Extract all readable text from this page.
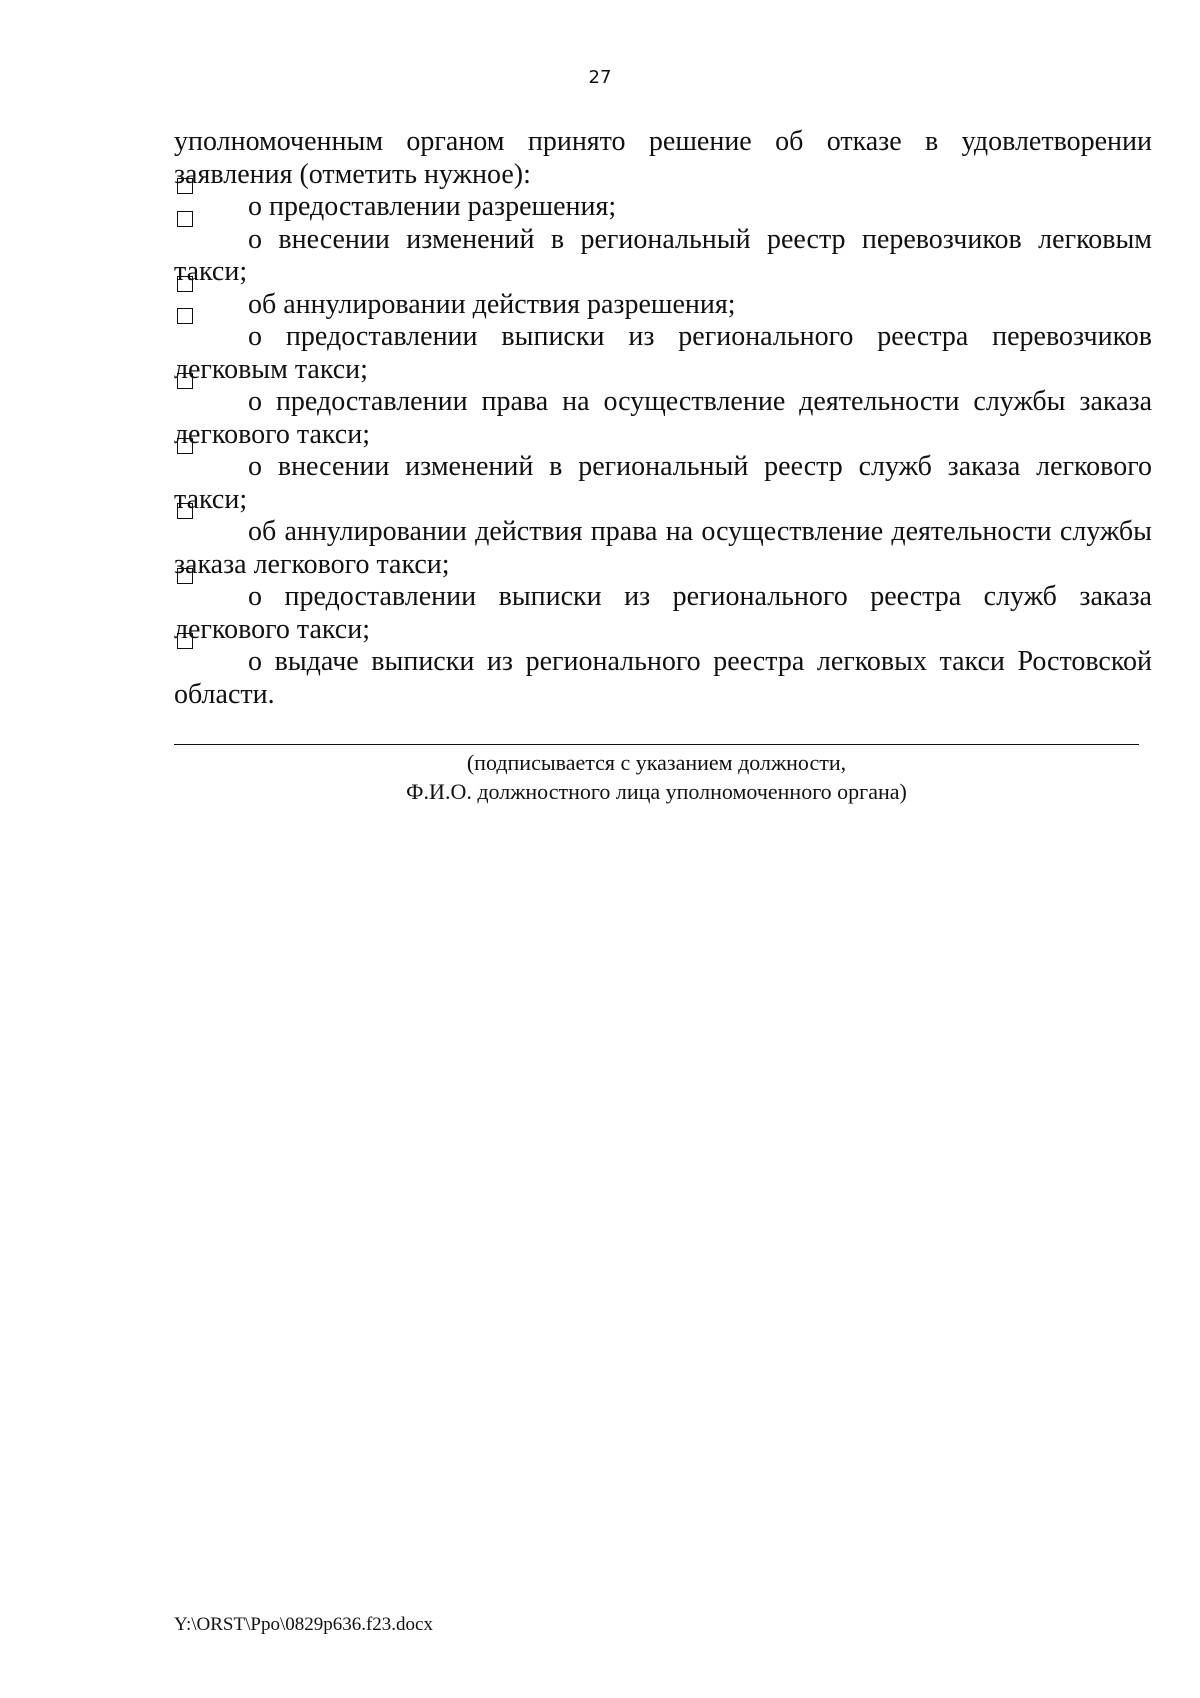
27

уполномоченным органом принято решение об отказе в удовлетворении заявления (отметить нужное):

о предоставлении разрешения;

о внесении изменений в региональный реестр перевозчиков легковым такси;

об аннулировании действия разрешения;

о предоставлении выписки из регионального реестра перевозчиков легковым такси;

о предоставлении права на осуществление деятельности службы заказа легкового такси;

о внесении изменений в региональный реестр служб заказа легкового такси;

об аннулировании действия права на осуществление деятельности службы заказа легкового такси;

о предоставлении выписки из регионального реестра служб заказа легкового такси;

о выдаче выписки из регионального реестра легковых такси Ростовской области.

(подписывается с указанием должности,
Ф.И.О. должностного лица уполномоченного органа)
Y:\ORST\Ppo\0829p636.f23.docx
